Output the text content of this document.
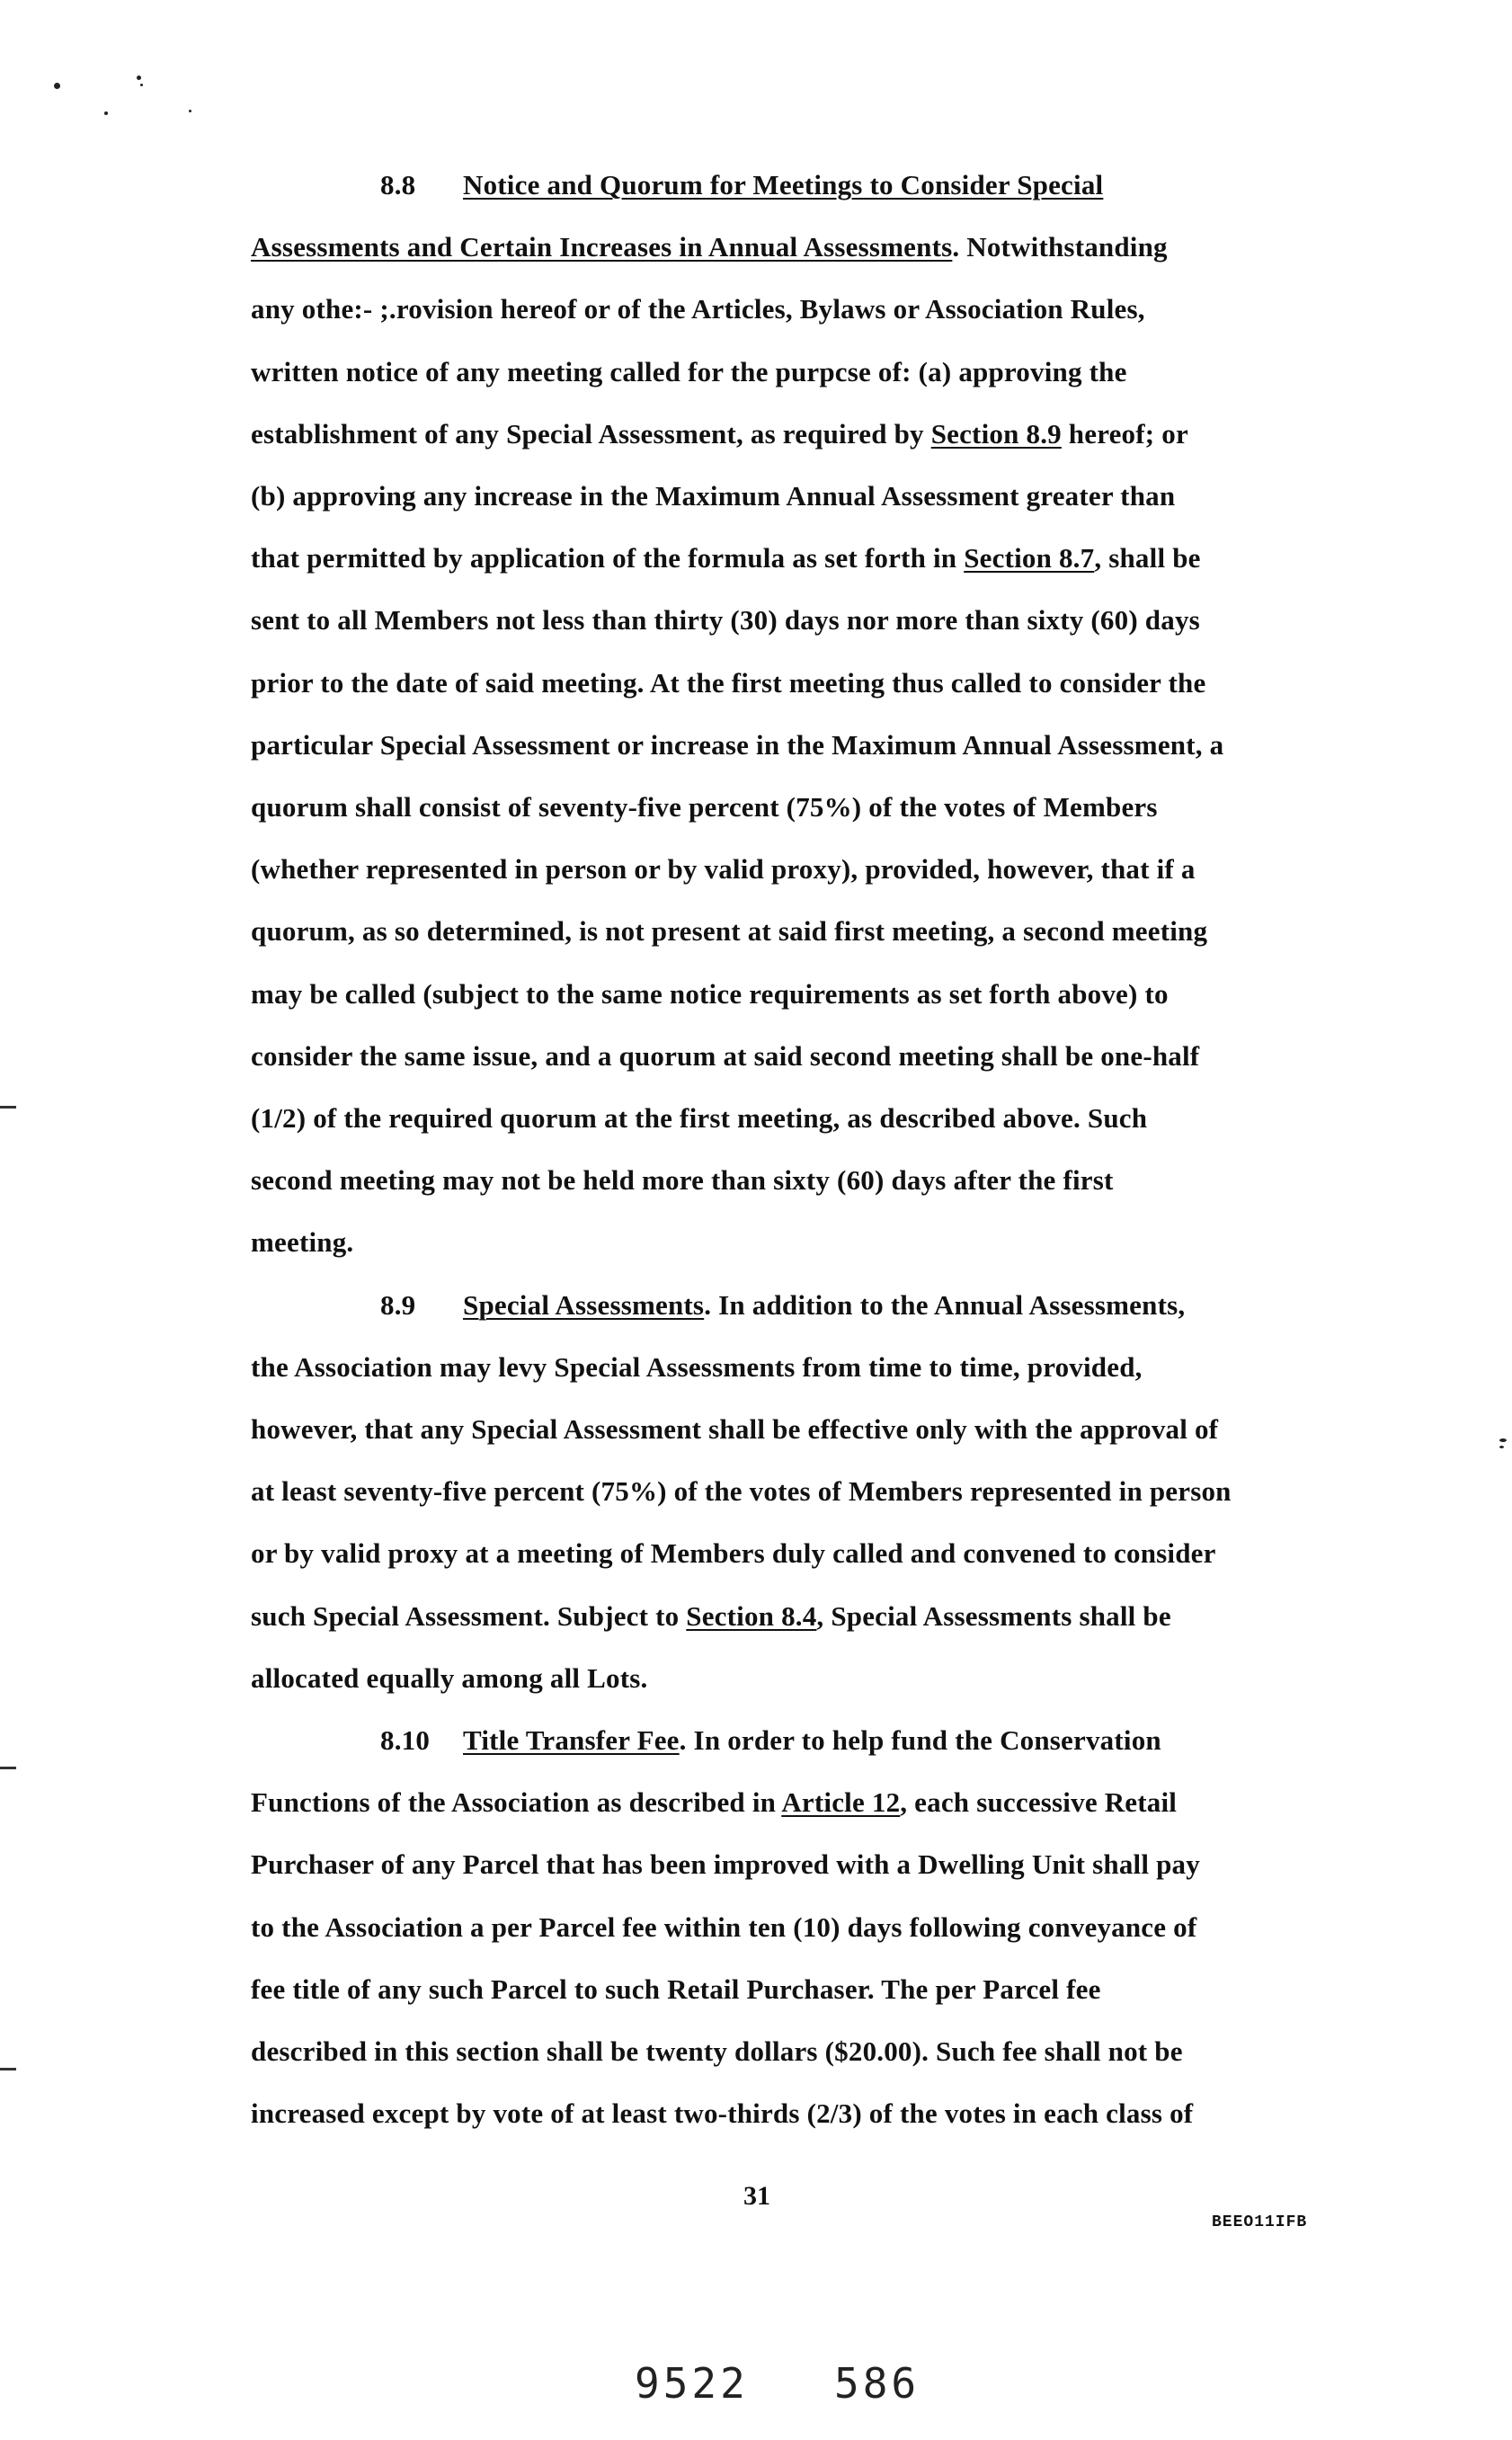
8.8 Notice and Quorum for Meetings to Consider Special
Assessments and Certain Increases in Annual Assessments. Notwithstanding
any othe:- ;.rovision hereof or of the Articles, Bylaws or Association Rules,
written notice of any meeting called for the purpcse of: (a) approving the
establishment of any Special Assessment, as required by Section 8.9 hereof; or
(b) approving any increase in the Maximum Annual Assessment greater than
that permitted by application of the formula as set forth in Section 8.7, shall be
sent to all Members not less than thirty (30) days nor more than sixty (60) days
prior to the date of said meeting. At the first meeting thus called to consider the
particular Special Assessment or increase in the Maximum Annual Assessment, a
quorum shall consist of seventy-five percent (75%) of the votes of Members
(whether represented in person or by valid proxy), provided, however, that if a
quorum, as so determined, is not present at said first meeting, a second meeting
may be called (subject to the same notice requirements as set forth above) to
consider the same issue, and a quorum at said second meeting shall be one-half
(1/2) of the required quorum at the first meeting, as described above. Such
second meeting may not be held more than sixty (60) days after the first
meeting.
8.9 Special Assessments. In addition to the Annual Assessments,
the Association may levy Special Assessments from time to time, provided,
however, that any Special Assessment shall be effective only with the approval of
at least seventy-five percent (75%) of the votes of Members represented in person
or by valid proxy at a meeting of Members duly called and convened to consider
such Special Assessment. Subject to Section 8.4, Special Assessments shall be
allocated equally among all Lots.
8.10 Title Transfer Fee. In order to help fund the Conservation
Functions of the Association as described in Article 12, each successive Retail
Purchaser of any Parcel that has been improved with a Dwelling Unit shall pay
to the Association a per Parcel fee within ten (10) days following conveyance of
fee title of any such Parcel to such Retail Purchaser. The per Parcel fee
described in this section shall be twenty dollars ($20.00). Such fee shall not be
increased except by vote of at least two-thirds (2/3) of the votes in each class of
31
BEEO11IFB
9522 586
